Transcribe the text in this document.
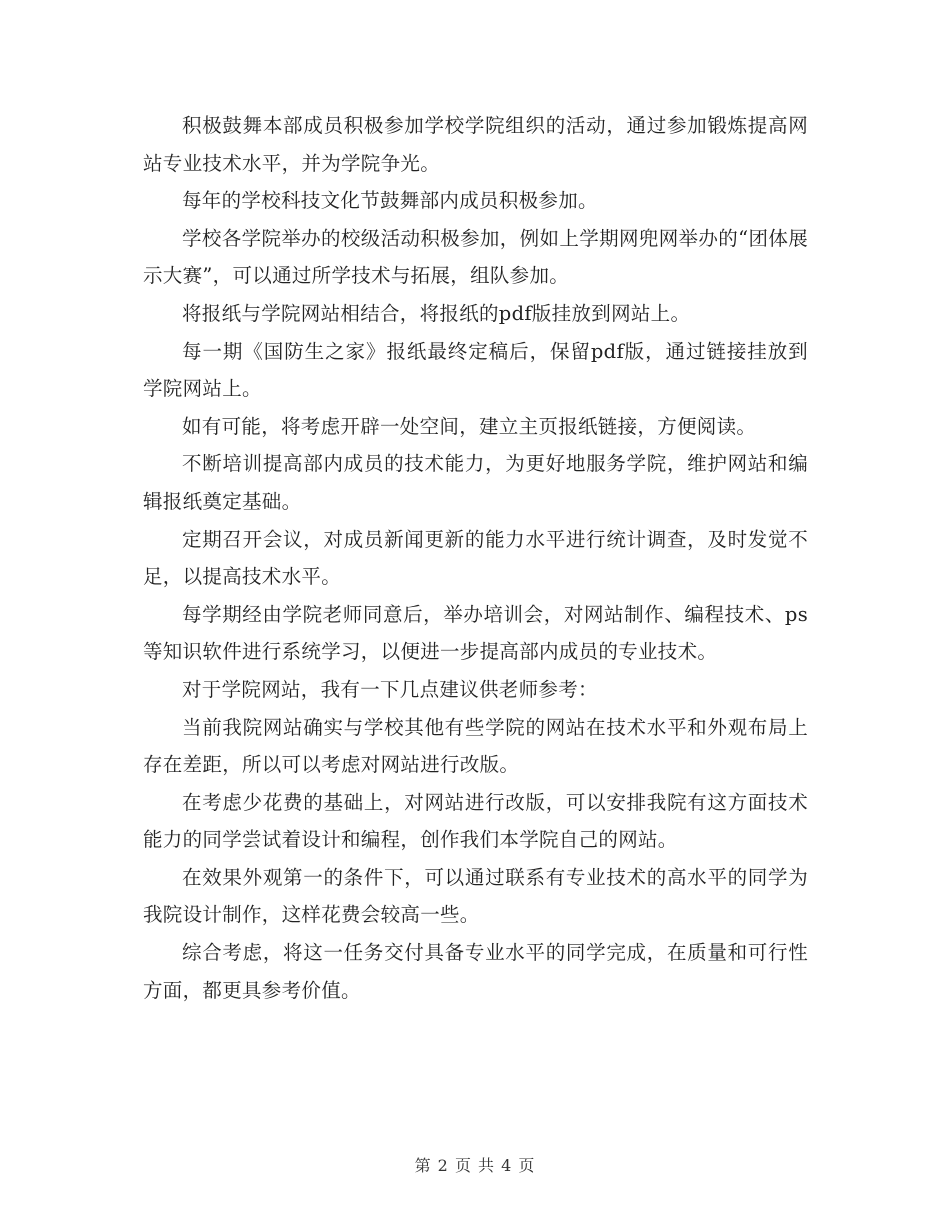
积极鼓舞本部成员积极参加学校学院组织的活动，通过参加锻炼提高网站专业技术水平，并为学院争光。

每年的学校科技文化节鼓舞部内成员积极参加。

学校各学院举办的校级活动积极参加，例如上学期网兜网举办的“团体展示大赛”，可以通过所学技术与拓展，组队参加。

将报纸与学院网站相结合，将报纸的pdf版挂放到网站上。

每一期《国防生之家》报纸最终定稿后，保留pdf版，通过链接挂放到学院网站上。

如有可能，将考虑开辟一处空间，建立主页报纸链接，方便阅读。

不断培训提高部内成员的技术能力，为更好地服务学院，维护网站和编辑报纸奠定基础。

定期召开会议，对成员新闻更新的能力水平进行统计调查，及时发觉不足，以提高技术水平。

每学期经由学院老师同意后，举办培训会，对网站制作、编程技术、ps等知识软件进行系统学习，以便进一步提高部内成员的专业技术。

对于学院网站，我有一下几点建议供老师参考：

当前我院网站确实与学校其他有些学院的网站在技术水平和外观布局上存在差距，所以可以考虑对网站进行改版。

在考虑少花费的基础上，对网站进行改版，可以安排我院有这方面技术能力的同学尝试着设计和编程，创作我们本学院自己的网站。

在效果外观第一的条件下，可以通过联系有专业技术的高水平的同学为我院设计制作，这样花费会较高一些。

综合考虑，将这一任务交付具备专业水平的同学完成，在质量和可行性方面，都更具参考价值。

第 2 页 共 4 页
